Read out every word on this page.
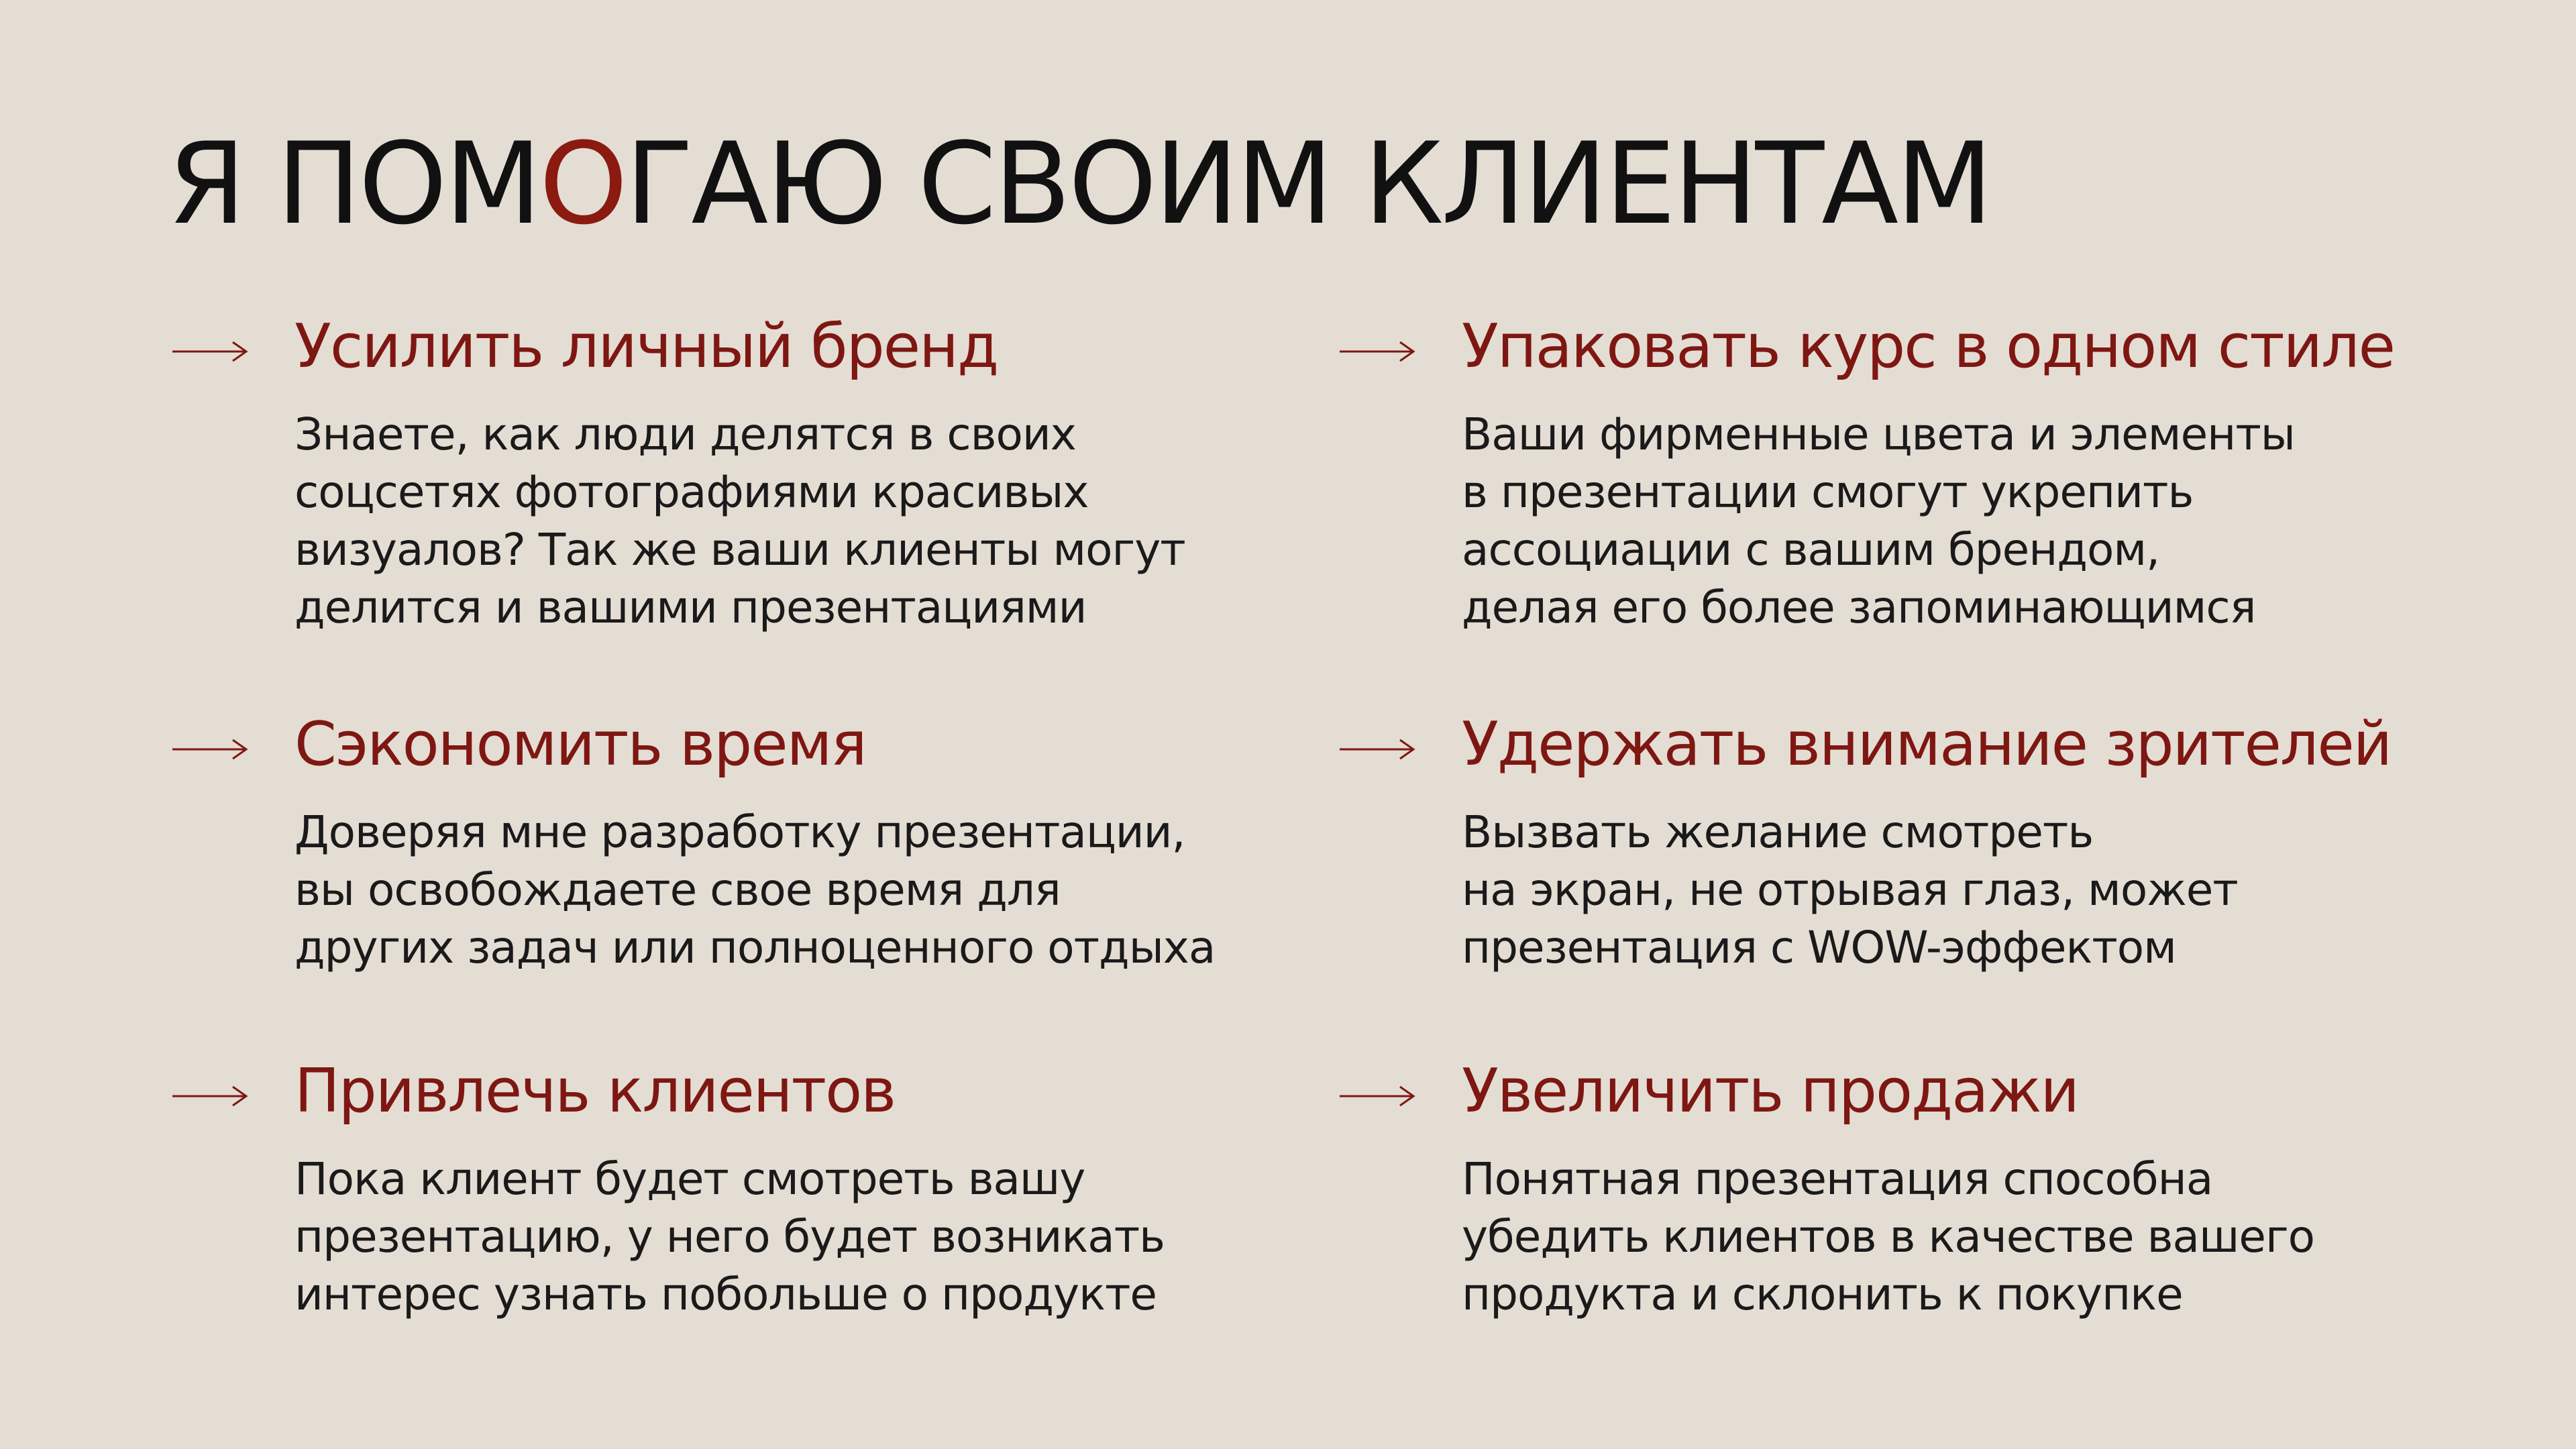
Я ПОМОГАЮ СВОИМ КЛИЕНТАМ
Усилить личный бренд

Знаете, как люди делятся в своих
соцсетях фотографиями красивых
визуалов? Так же ваши клиенты могут
делится и вашими презентациями

Упаковать курс в одном стиле

Ваши фирменные цвета и элементы
в презентации смогут укрепить
ассоциации с вашим брендом,
делая его более запоминающимся

Сэкономить время

Доверяя мне разработку презентации,
вы освобождаете свое время для
других задач или полноценного отдыха

Удержать внимание зрителей

Вызвать желание смотреть
на экран, не отрывая глаз, может
презентация с WOW-эффектом

Привлечь клиентов

Пока клиент будет смотреть вашу
презентацию, у него будет возникать
интерес узнать побольше о продукте

Увеличить продажи

Понятная презентация способна
убедить клиентов в качестве вашего
продукта и склонить к покупке
